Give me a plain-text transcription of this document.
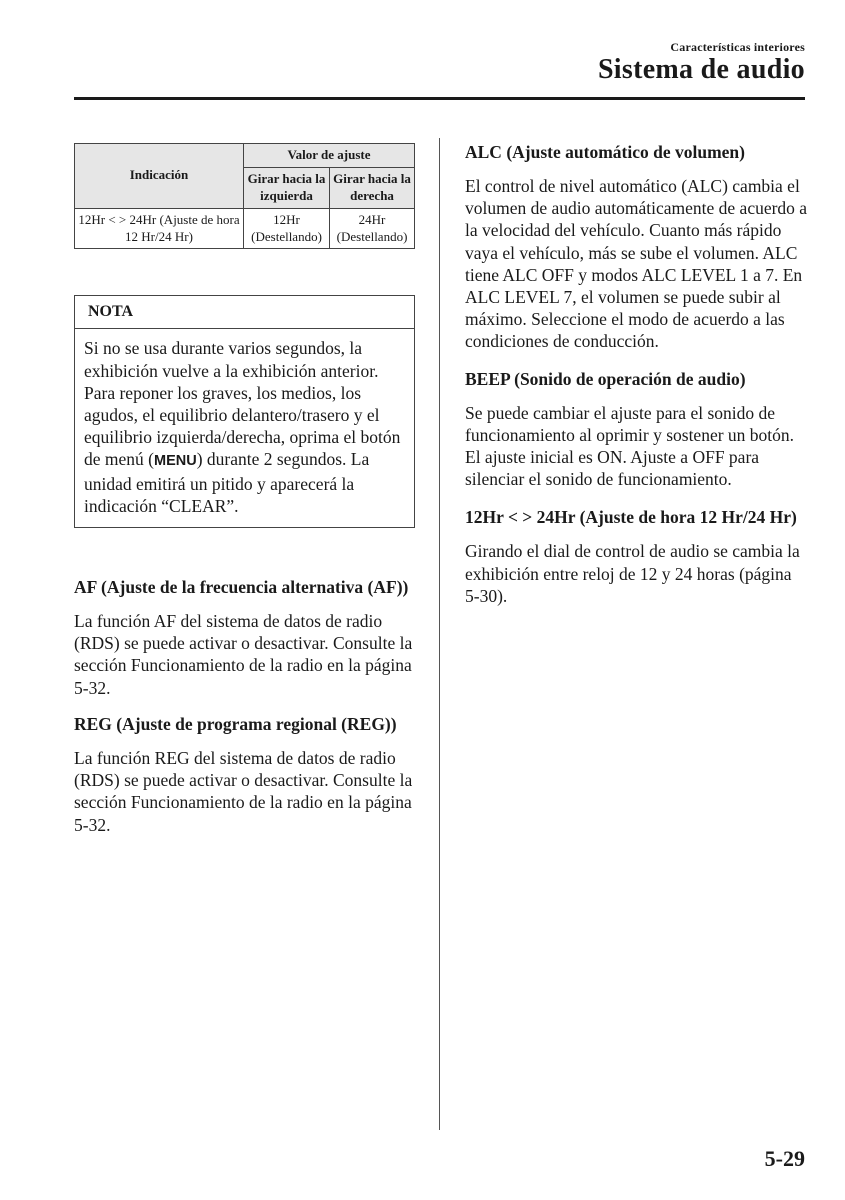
Características interiores
Sistema de audio
Indicación	Valor de ajuste	
	Girar hacia la izquierda	Girar hacia la derecha
12Hr < > 24Hr (Ajuste de hora 12 Hr/24 Hr)	12Hr (Destellando)	24Hr (Destellando)
NOTA
Si no se usa durante varios segundos, la exhibición vuelve a la exhibición anterior. Para reponer los graves, los medios, los agudos, el equilibrio delantero/trasero y el equilibrio izquierda/derecha, oprima el botón de menú (MENU) durante 2 segundos. La unidad emitirá un pitido y aparecerá la indicación “CLEAR”.

AF (Ajuste de la frecuencia alternativa (AF))

La función AF del sistema de datos de radio (RDS) se puede activar o desactivar. Consulte la sección Funcionamiento de la radio en la página 5-32.

REG (Ajuste de programa regional (REG))

La función REG del sistema de datos de radio (RDS) se puede activar o desactivar. Consulte la sección Funcionamiento de la radio en la página 5-32.

ALC (Ajuste automático de volumen)

El control de nivel automático (ALC) cambia el volumen de audio automáticamente de acuerdo a la velocidad del vehículo. Cuanto más rápido vaya el vehículo, más se sube el volumen. ALC tiene ALC OFF y modos ALC LEVEL 1 a 7. En ALC LEVEL 7, el volumen se puede subir al máximo. Seleccione el modo de acuerdo a las condiciones de conducción.

BEEP (Sonido de operación de audio)

Se puede cambiar el ajuste para el sonido de funcionamiento al oprimir y sostener un botón. El ajuste inicial es ON. Ajuste a OFF para silenciar el sonido de funcionamiento.

12Hr < > 24Hr (Ajuste de hora 12 Hr/24 Hr)

Girando el dial de control de audio se cambia la exhibición entre reloj de 12 y 24 horas (página 5-30).

5-29
